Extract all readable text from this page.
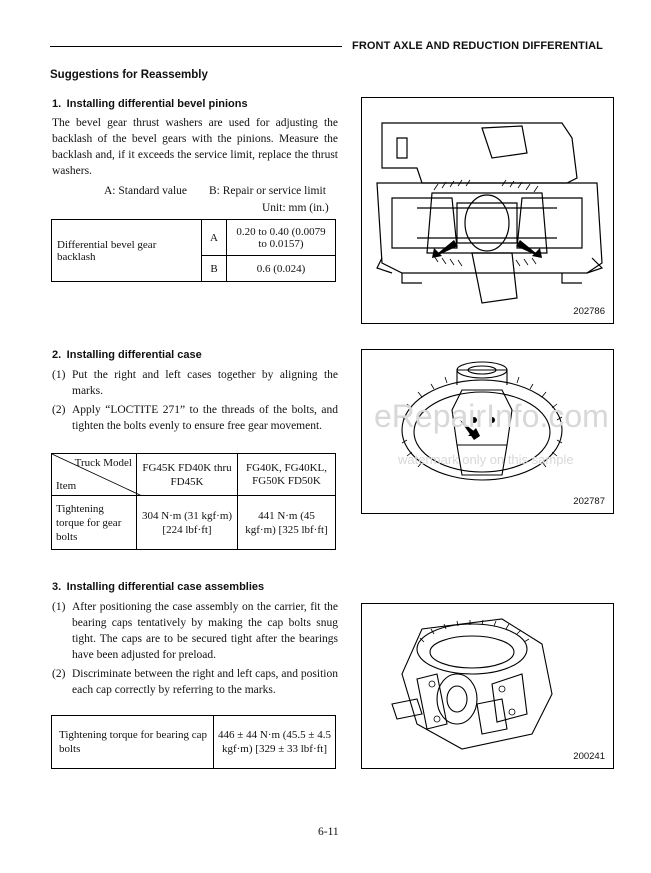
FRONT AXLE AND REDUCTION DIFFERENTIAL
Suggestions for Reassembly
1. Installing differential bevel pinions
The bevel gear thrust washers are used for adjusting the backlash of the bevel gears with the pinions. Measure the backlash and, if it exceeds the service limit, replace the thrust washers.
A: Standard value B: Repair or service limit
Unit: mm (in.)
Differential bevel gear backlash	A	0.20 to 0.40 (0.0079 to 0.0157)
	B	0.6 (0.024)
202786
2. Installing differential case
(1) Put the right and left cases together by aligning the marks.
(2) Apply “LOCTITE 271” to the threads of the bolts, and tighten the bolts evenly to ensure free gear movement.
Truck Model
Item	FG45K FD40K thru FD45K	FG40K, FG40KL, FG50K FD50K
Tightening torque for gear bolts	304 N·m (31 kgf·m) [224 lbf·ft]	441 N·m (45 kgf·m) [325 lbf·ft]
eRepairInfo.com
watermark only on this sample
202787
3. Installing differential case assemblies
(1) After positioning the case assembly on the carrier, fit the bearing caps tentatively by making the cap bolts snug tight. The caps are to be secured tight after the bearings have been adjusted for preload.
(2) Discriminate between the right and left caps, and position each cap correctly by referring to the marks.
Tightening torque for bearing cap bolts	446 ± 44 N·m (45.5 ± 4.5 kgf·m) [329 ± 33 lbf·ft]
200241
6-11
